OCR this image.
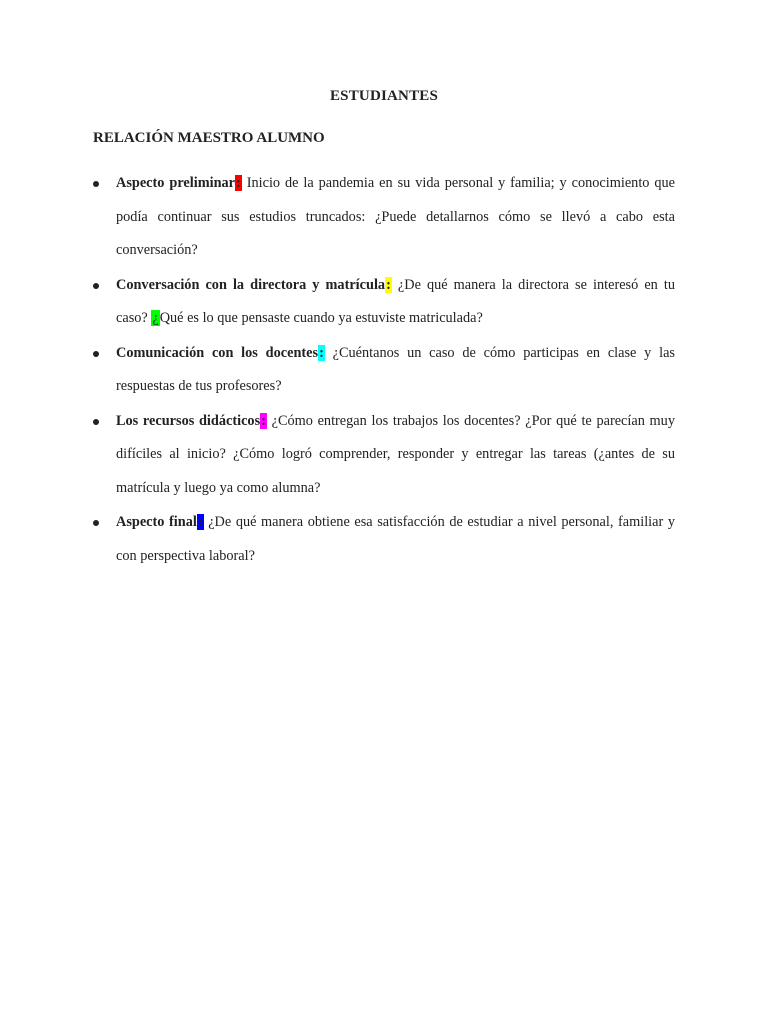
ESTUDIANTES
RELACIÓN MAESTRO ALUMNO
Aspecto preliminar: Inicio de la pandemia en su vida personal y familia; y conocimiento que podía continuar sus estudios truncados: ¿Puede detallarnos cómo se llevó a cabo esta conversación?
Conversación con la directora y matrícula: ¿De qué manera la directora se interesó en tu caso? ¿Qué es lo que pensaste cuando ya estuviste matriculada?
Comunicación con los docentes: ¿Cuéntanos un caso de cómo participas en clase y las respuestas de tus profesores?
Los recursos didácticos: ¿Cómo entregan los trabajos los docentes? ¿Por qué te parecían muy difíciles al inicio? ¿Cómo logró comprender, responder y entregar las tareas (¿antes de su matrícula y luego ya como alumna?
Aspecto final: ¿De qué manera obtiene esa satisfacción de estudiar a nivel personal, familiar y con perspectiva laboral?
